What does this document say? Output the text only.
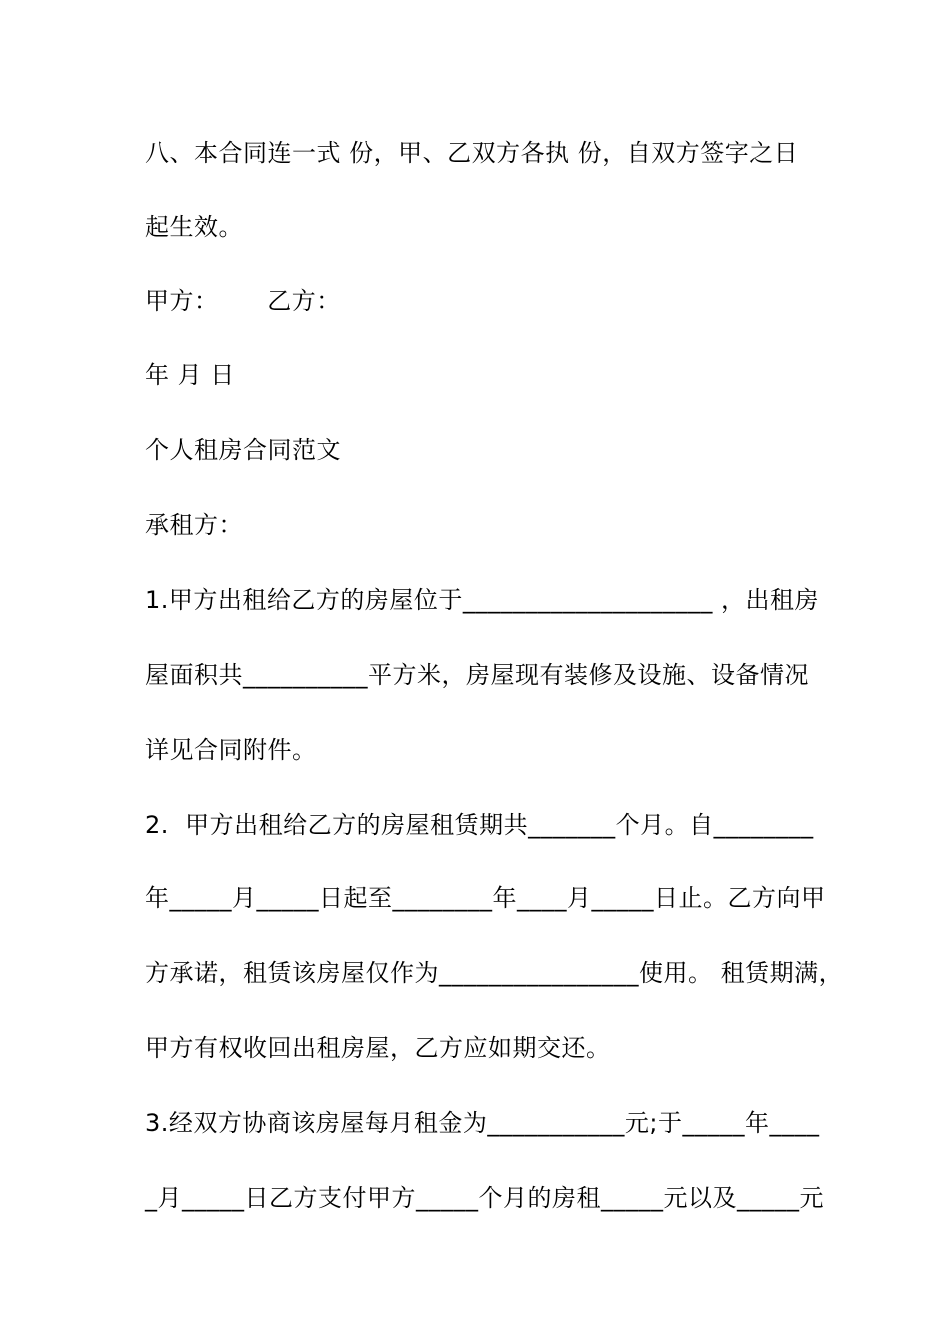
八、本合同连一式 份，甲、乙双方各执 份，自双方签字之日
起生效。
甲方：      乙方：
年 月 日
个人租房合同范文
承租方：
1.甲方出租给乙方的房屋位于____________________ ，出租房
屋面积共__________平方米，房屋现有装修及设施、设备情况
详见合同附件。
2.  甲方出租给乙方的房屋租赁期共_______个月。自________
年_____月_____日起至________年____月_____日止。乙方向甲
方承诺，租赁该房屋仅作为________________使用。 租赁期满，
甲方有权收回出租房屋，乙方应如期交还。
3.经双方协商该房屋每月租金为___________元;于_____年____
_月_____日乙方支付甲方_____个月的房租_____元以及_____元
